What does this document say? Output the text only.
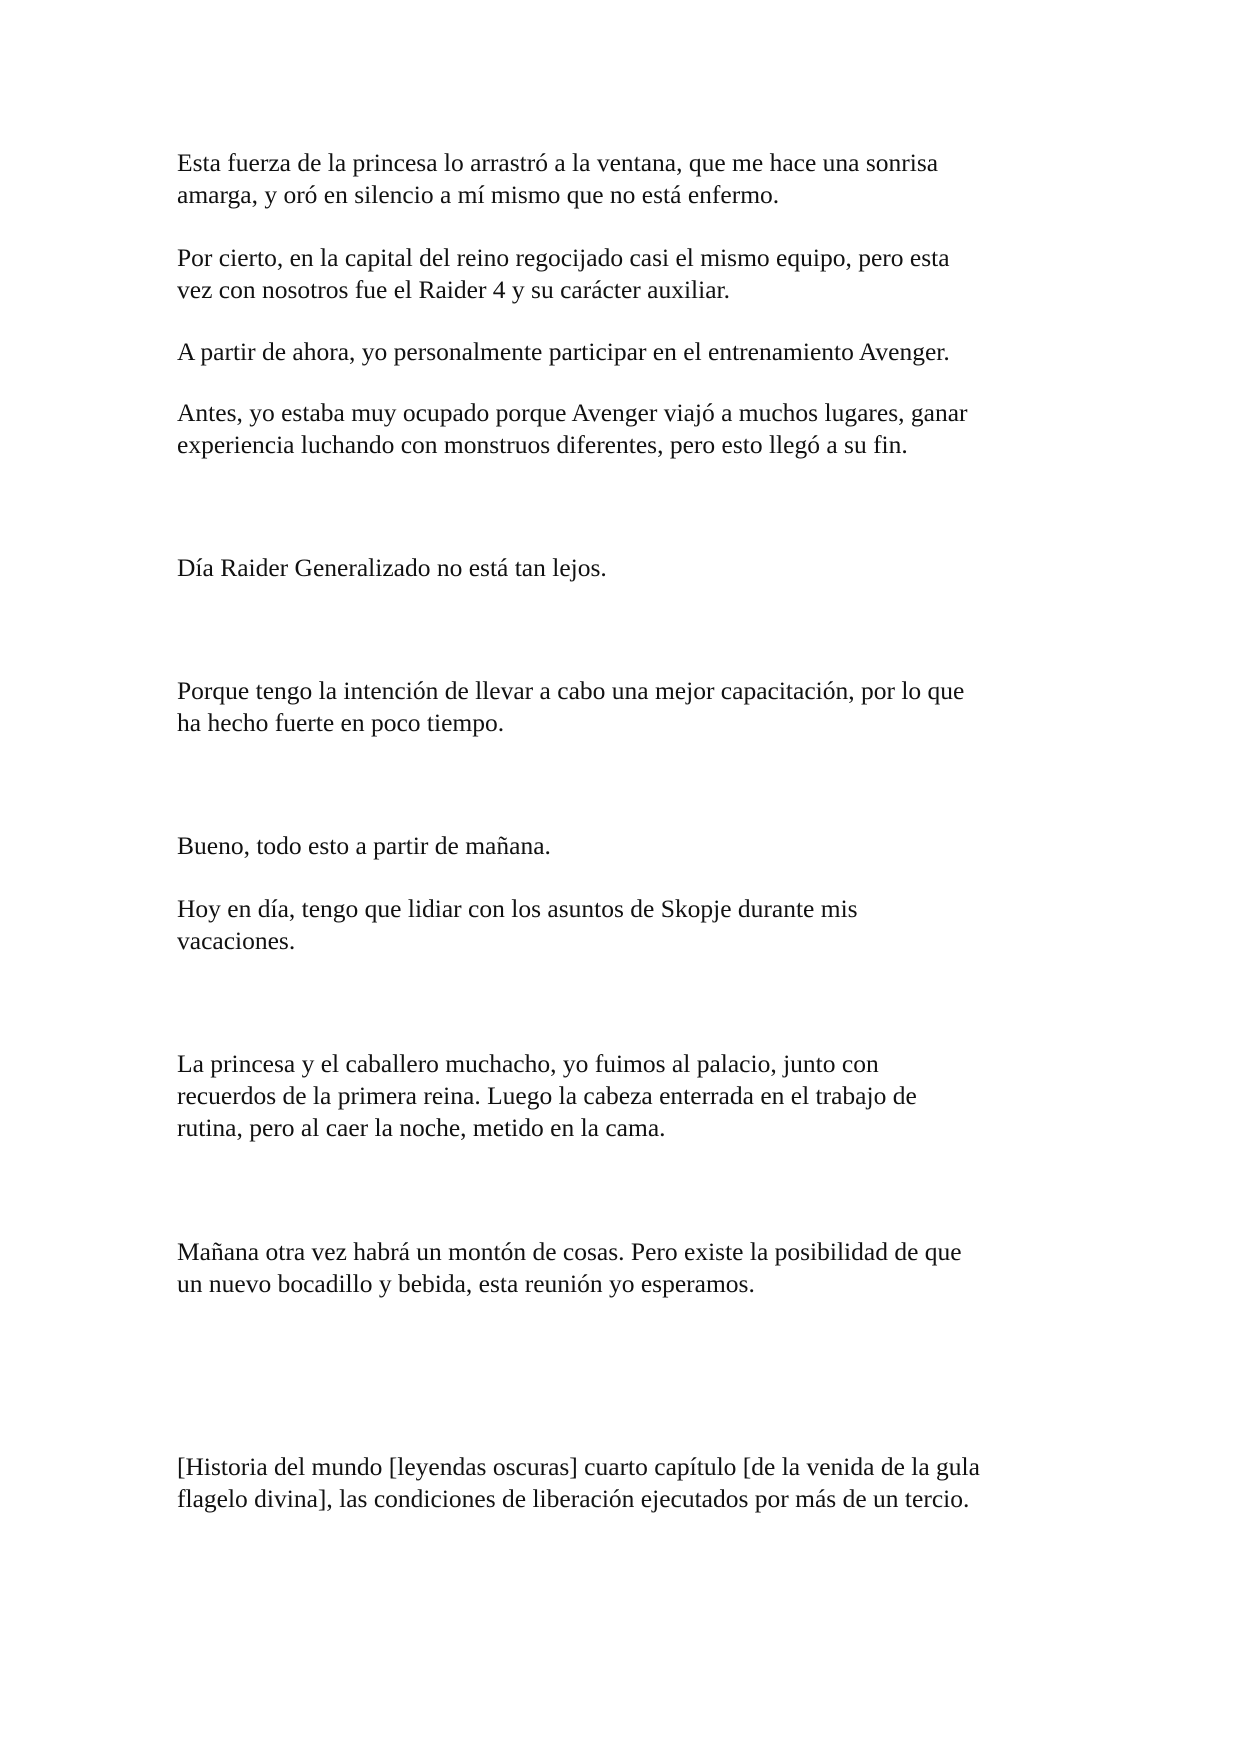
Esta fuerza de la princesa lo arrastró a la ventana, que me hace una sonrisa

amarga, y oró en silencio a mí mismo que no está enfermo.

Por cierto, en la capital del reino regocijado casi el mismo equipo, pero esta

vez con nosotros fue el Raider 4 y su carácter auxiliar.

A partir de ahora, yo personalmente participar en el entrenamiento Avenger.

Antes, yo estaba muy ocupado porque Avenger viajó a muchos lugares, ganar

experiencia luchando con monstruos diferentes, pero esto llegó a su fin.

Día Raider Generalizado no está tan lejos.

Porque tengo la intención de llevar a cabo una mejor capacitación, por lo que

ha hecho fuerte en poco tiempo.

Bueno, todo esto a partir de mañana.

Hoy en día, tengo que lidiar con los asuntos de Skopje durante mis

vacaciones.

La princesa y el caballero muchacho, yo fuimos al palacio, junto con

recuerdos de la primera reina. Luego la cabeza enterrada en el trabajo de

rutina, pero al caer la noche, metido en la cama.

Mañana otra vez habrá un montón de cosas. Pero existe la posibilidad de que

un nuevo bocadillo y bebida, esta reunión yo esperamos.

[Historia del mundo [leyendas oscuras] cuarto capítulo [de la venida de la gula

flagelo divina], las condiciones de liberación ejecutados por más de un tercio.
